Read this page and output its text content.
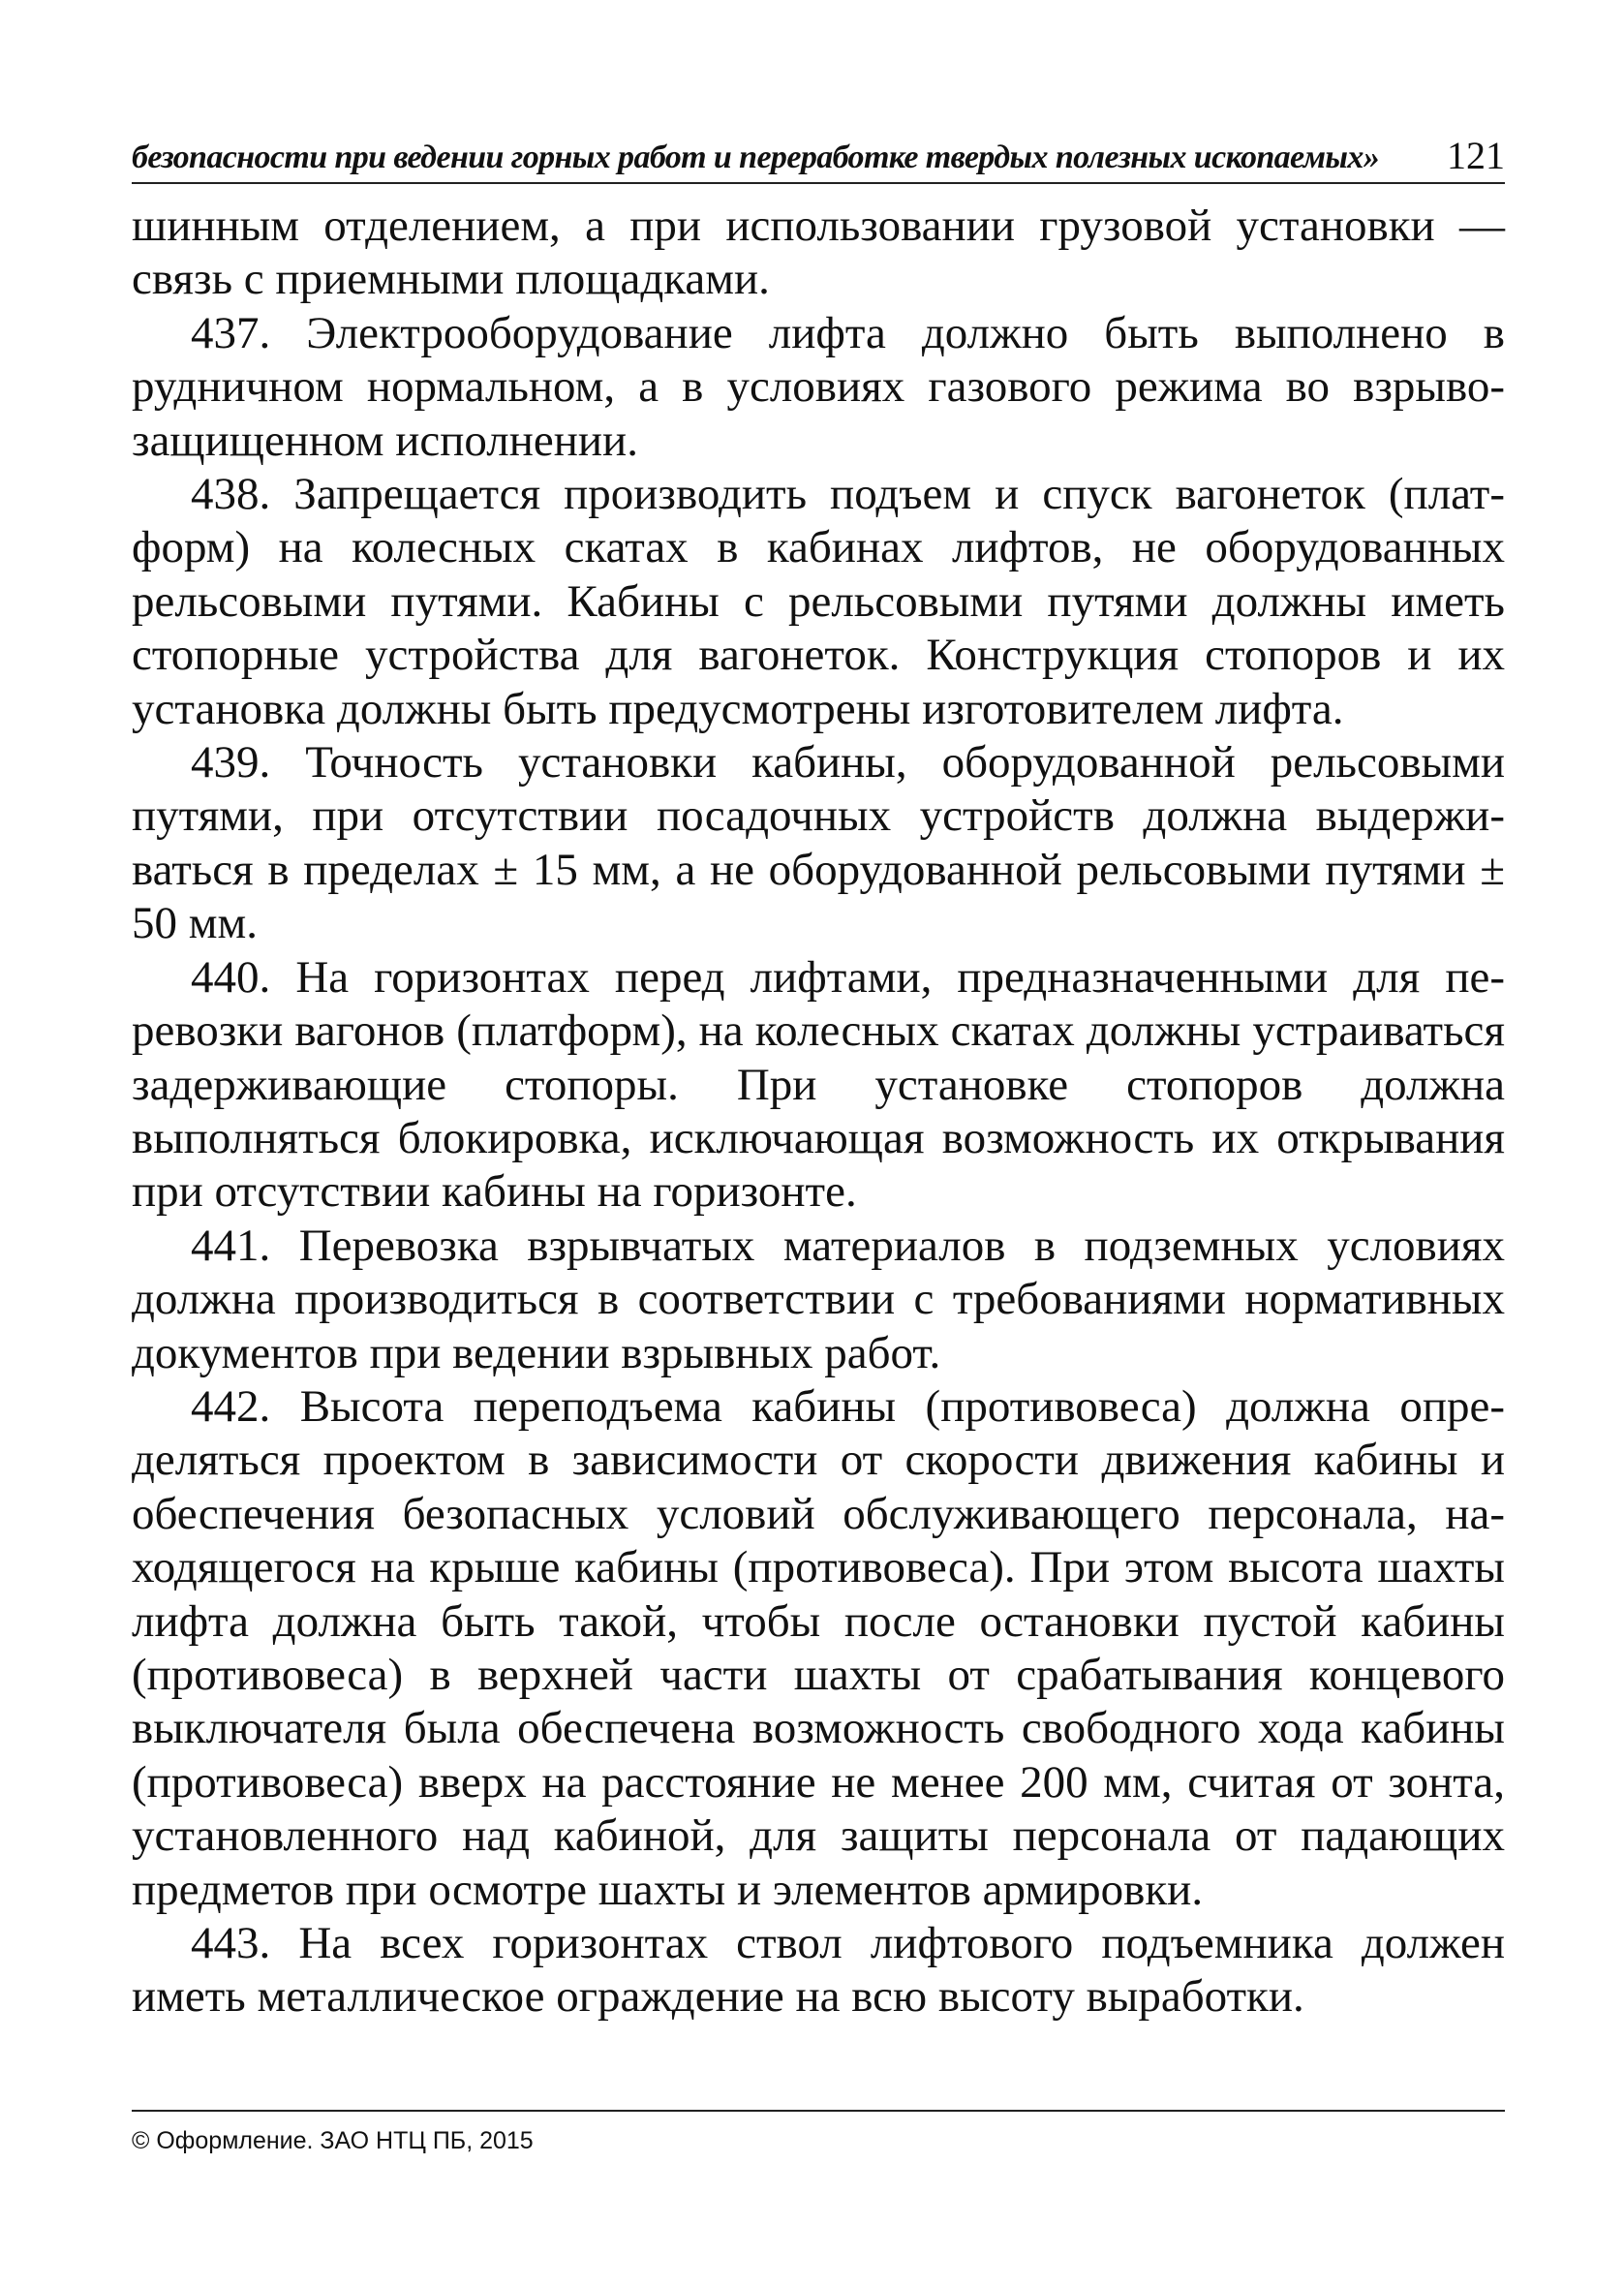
безопасности при ведении горных работ и переработке твердых полезных ископаемых» 121

шинным отделением, а при использовании грузовой установки — связь с приемными площадками.

437. Электрооборудование лифта должно быть выполнено в рудничном нормальном, а в условиях газового режима во взрывозащищенном исполнении.

438. Запрещается производить подъем и спуск вагонеток (платформ) на колесных скатах в кабинах лифтов, не оборудованных рельсовыми путями. Кабины с рельсовыми путями должны иметь стопорные устройства для вагонеток. Конструкция стопоров и их установка должны быть предусмотрены изготовителем лифта.

439. Точность установки кабины, оборудованной рельсовыми путями, при отсутствии посадочных устройств должна выдерживаться в пределах ± 15 мм, а не оборудованной рельсовыми путями ± 50 мм.

440. На горизонтах перед лифтами, предназначенными для перевозки вагонов (платформ), на колесных скатах должны устраиваться задерживающие стопоры. При установке стопоров должна выполняться блокировка, исключающая возможность их открывания при отсутствии кабины на горизонте.

441. Перевозка взрывчатых материалов в подземных условиях должна производиться в соответствии с требованиями нормативных документов при ведении взрывных работ.

442. Высота переподъема кабины (противовеса) должна определяться проектом в зависимости от скорости движения кабины и обеспечения безопасных условий обслуживающего персонала, находящегося на крыше кабины (противовеса). При этом высота шахты лифта должна быть такой, чтобы после остановки пустой кабины (противовеса) в верхней части шахты от срабатывания концевого выключателя была обеспечена возможность свободного хода кабины (противовеса) вверх на расстояние не менее 200 мм, считая от зонта, установленного над кабиной, для защиты персонала от падающих предметов при осмотре шахты и элементов армировки.

443. На всех горизонтах ствол лифтового подъемника должен иметь металлическое ограждение на всю высоту выработки.

© Оформление. ЗАО НТЦ ПБ, 2015
